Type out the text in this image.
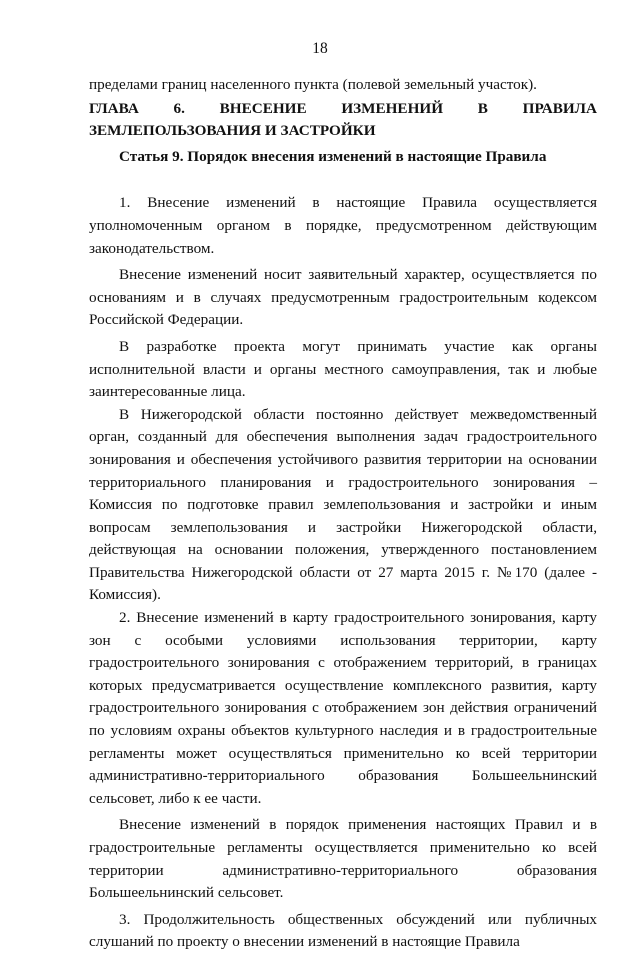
18

пределами границ населенного пункта (полевой земельный участок).

ГЛАВА 6. ВНЕСЕНИЕ ИЗМЕНЕНИЙ В ПРАВИЛА
ЗЕМЛЕПОЛЬЗОВАНИЯ И ЗАСТРОЙКИ
Статья 9. Порядок внесения изменений в настоящие Правила

1. Внесение изменений в настоящие Правила осуществляется уполномоченным органом в порядке, предусмотренном действующим законодательством.

Внесение изменений носит заявительный характер, осуществляется по основаниям и в случаях предусмотренным градостроительным кодексом Российской Федерации.

В разработке проекта могут принимать участие как органы исполнительной власти и органы местного самоуправления, так и любые заинтересованные лица.

В Нижегородской области постоянно действует межведомственный орган, созданный для обеспечения выполнения задач градостроительного зонирования и обеспечения устойчивого развития территории на основании территориального планирования и градостроительного зонирования – Комиссия по подготовке правил землепользования и застройки и иным вопросам землепользования и застройки Нижегородской области, действующая на основании положения, утвержденного постановлением Правительства Нижегородской области от 27 марта 2015 г. №170 (далее - Комиссия).

2. Внесение изменений в карту градостроительного зонирования, карту зон с особыми условиями использования территории, карту градостроительного зонирования с отображением территорий, в границах которых предусматривается осуществление комплексного развития, карту градостроительного зонирования с отображением зон действия ограничений по условиям охраны объектов культурного наследия и в градостроительные регламенты может осуществляться применительно ко всей территории административно-территориального образования Большеельнинский сельсовет, либо к ее части.

Внесение изменений в порядок применения настоящих Правил и в градостроительные регламенты осуществляется применительно ко всей территории административно-территориального образования Большеельнинский сельсовет.

3. Продолжительность общественных обсуждений или публичных слушаний по проекту о внесении изменений в настоящие Правила
